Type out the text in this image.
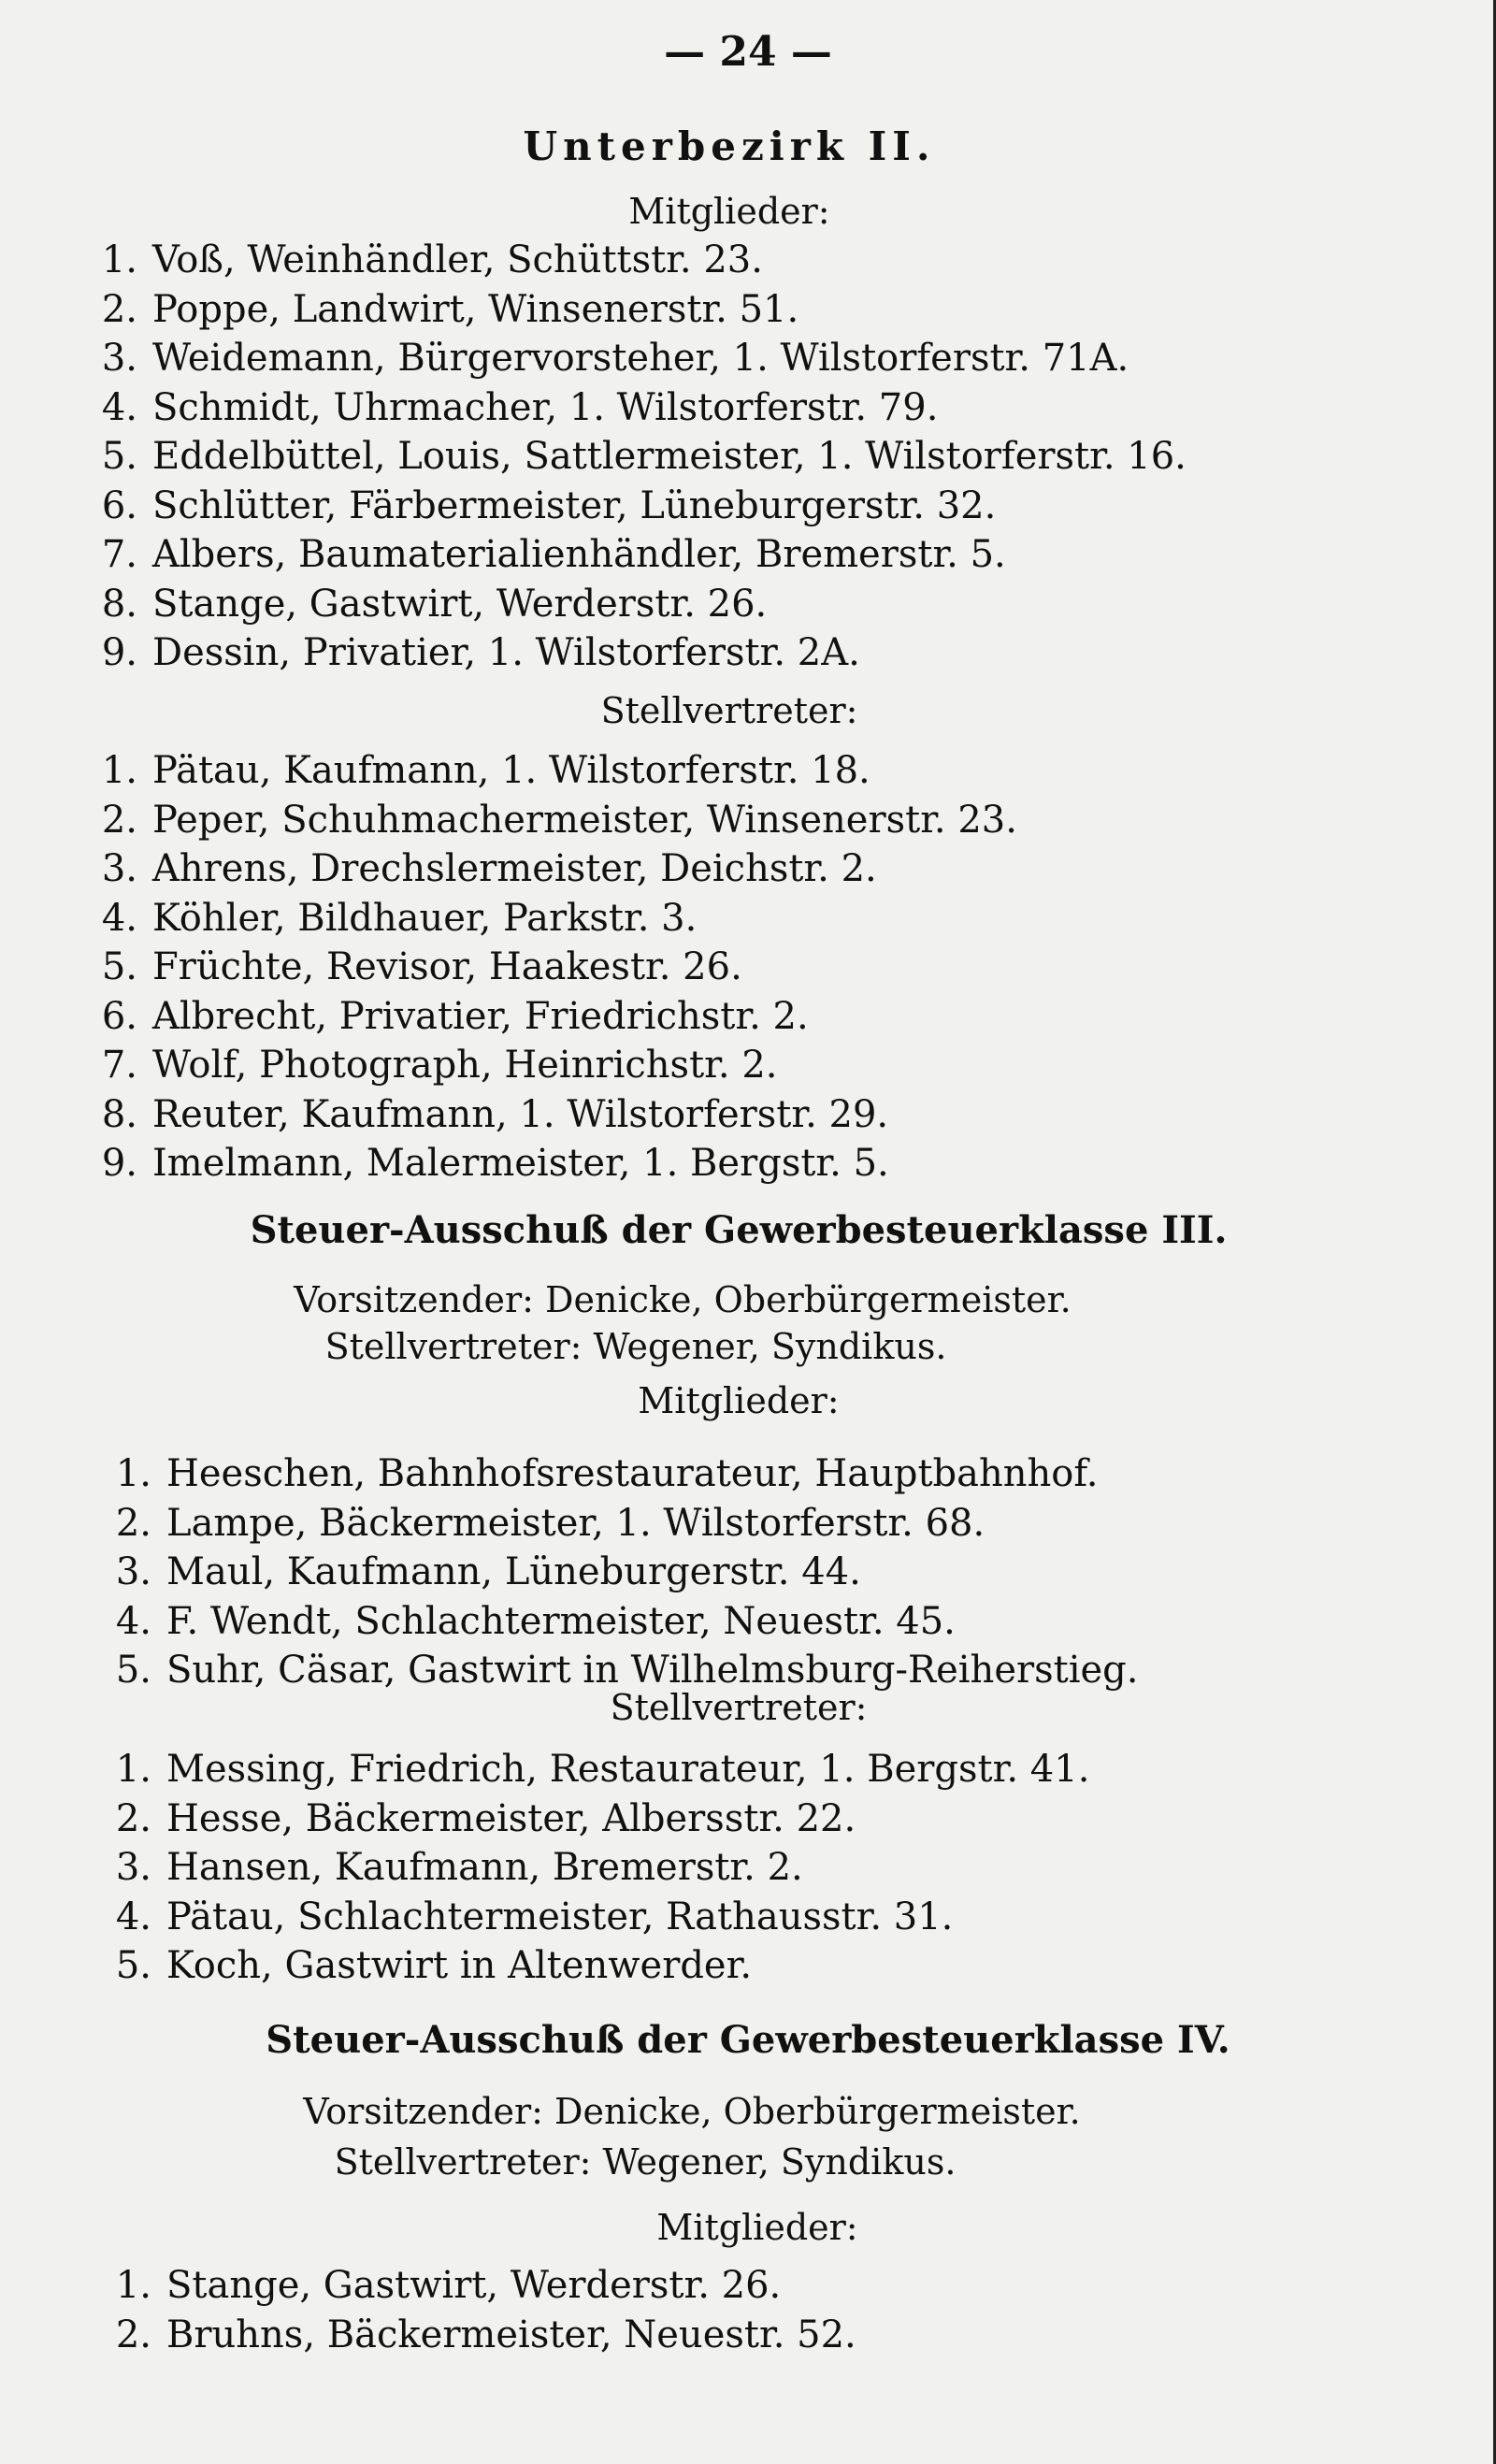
— 24 —
Unterbezirk II.
Mitglieder:
1. Voß, Weinhändler, Schüttstr. 23.
2. Poppe, Landwirt, Winsenerstr. 51.
3. Weidemann, Bürgervorsteher, 1. Wilstorferstr. 71A.
4. Schmidt, Uhrmacher, 1. Wilstorferstr. 79.
5. Eddelbüttel, Louis, Sattlermeister, 1. Wilstorferstr. 16.
6. Schlütter, Färbermeister, Lüneburgerstr. 32.
7. Albers, Baumaterialienhändler, Bremerstr. 5.
8. Stange, Gastwirt, Werderstr. 26.
9. Dessin, Privatier, 1. Wilstorferstr. 2A.
Stellvertreter:
1. Pätau, Kaufmann, 1. Wilstorferstr. 18.
2. Peper, Schuhmachermeister, Winsenerstr. 23.
3. Ahrens, Drechslermeister, Deichstr. 2.
4. Köhler, Bildhauer, Parkstr. 3.
5. Früchte, Revisor, Haakestr. 26.
6. Albrecht, Privatier, Friedrichstr. 2.
7. Wolf, Photograph, Heinrichstr. 2.
8. Reuter, Kaufmann, 1. Wilstorferstr. 29.
9. Imelmann, Malermeister, 1. Bergstr. 5.
Steuer-Ausschuß der Gewerbesteuerklasse III.
Vorsitzender: Denicke, Oberbürgermeister.
Stellvertreter: Wegener, Syndikus.
Mitglieder:
1. Heeschen, Bahnhofsrestaurateur, Hauptbahnhof.
2. Lampe, Bäckermeister, 1. Wilstorferstr. 68.
3. Maul, Kaufmann, Lüneburgerstr. 44.
4. F. Wendt, Schlachtermeister, Neuestr. 45.
5. Suhr, Cäsar, Gastwirt in Wilhelmsburg-Reiherstieg.
Stellvertreter:
1. Messing, Friedrich, Restaurateur, 1. Bergstr. 41.
2. Hesse, Bäckermeister, Albersstr. 22.
3. Hansen, Kaufmann, Bremerstr. 2.
4. Pätau, Schlachtermeister, Rathausstr. 31.
5. Koch, Gastwirt in Altenwerder.
Steuer-Ausschuß der Gewerbesteuerklasse IV.
Vorsitzender: Denicke, Oberbürgermeister.
Stellvertreter: Wegener, Syndikus.
Mitglieder:
1. Stange, Gastwirt, Werderstr. 26.
2. Bruhns, Bäckermeister, Neuestr. 52.
